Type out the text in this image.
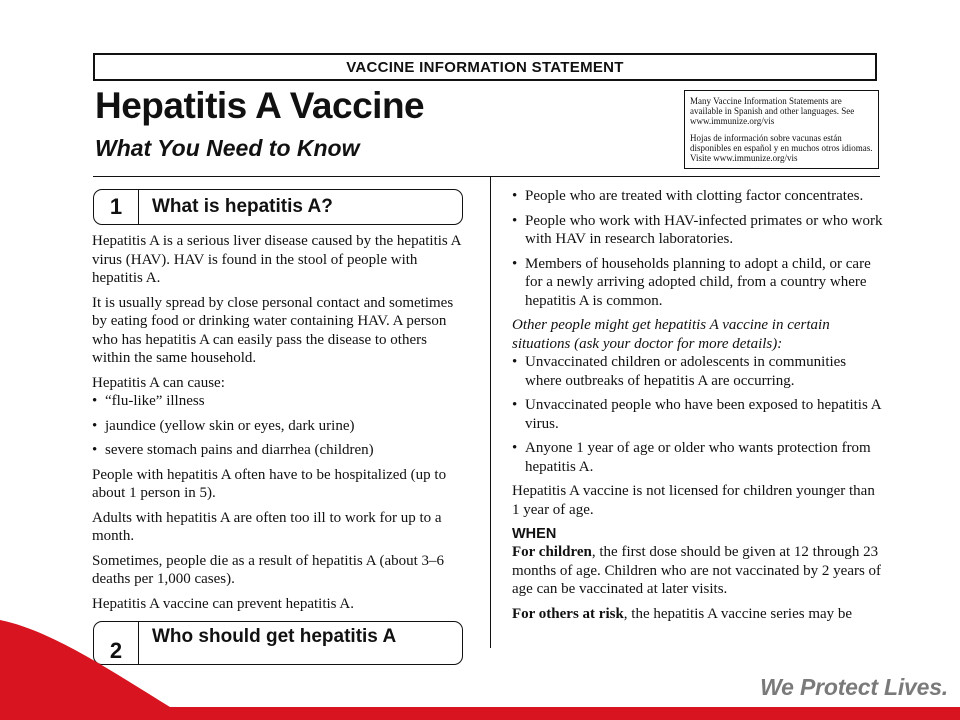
VACCINE INFORMATION STATEMENT
Hepatitis A Vaccine
What You Need to Know

Many Vaccine Information Statements are available in Spanish and other languages. See www.immunize.org/vis

Hojas de información sobre vacunas están disponibles en español y en muchos otros idiomas. Visite www.immunize.org/vis

1	What is hepatitis A?

Hepatitis A is a serious liver disease caused by the hepatitis A virus (HAV). HAV is found in the stool of people with hepatitis A.

It is usually spread by close personal contact and sometimes by eating food or drinking water containing HAV. A person who has hepatitis A can easily pass the disease to others within the same household.

Hepatitis A can cause:

• “flu-like” illness

• jaundice (yellow skin or eyes, dark urine)

• severe stomach pains and diarrhea (children)

People with hepatitis A often have to be hospitalized (up to about 1 person in 5).

Adults with hepatitis A are often too ill to work for up to a month.

Sometimes, people die as a result of hepatitis A (about 3–6 deaths per 1,000 cases).

Hepatitis A vaccine can prevent hepatitis A.

2
Who should get hepatitis A

• People who are treated with clotting factor concentrates.

• People who work with HAV-infected primates or who work with HAV in research laboratories.

• Members of households planning to adopt a child, or care for a newly arriving adopted child, from a country where hepatitis A is common.

Other people might get hepatitis A vaccine in certain situations (ask your doctor for more details):

• Unvaccinated children or adolescents in communities where outbreaks of hepatitis A are occurring.

• Unvaccinated people who have been exposed to hepatitis A virus.

• Anyone 1 year of age or older who wants protection from hepatitis A.

Hepatitis A vaccine is not licensed for children younger than 1 year of age.

WHEN

For children, the first dose should be given at 12 through 23 months of age. Children who are not vaccinated by 2 years of age can be vaccinated at later visits.

For others at risk, the hepatitis A vaccine series may be

We Protect Lives.
